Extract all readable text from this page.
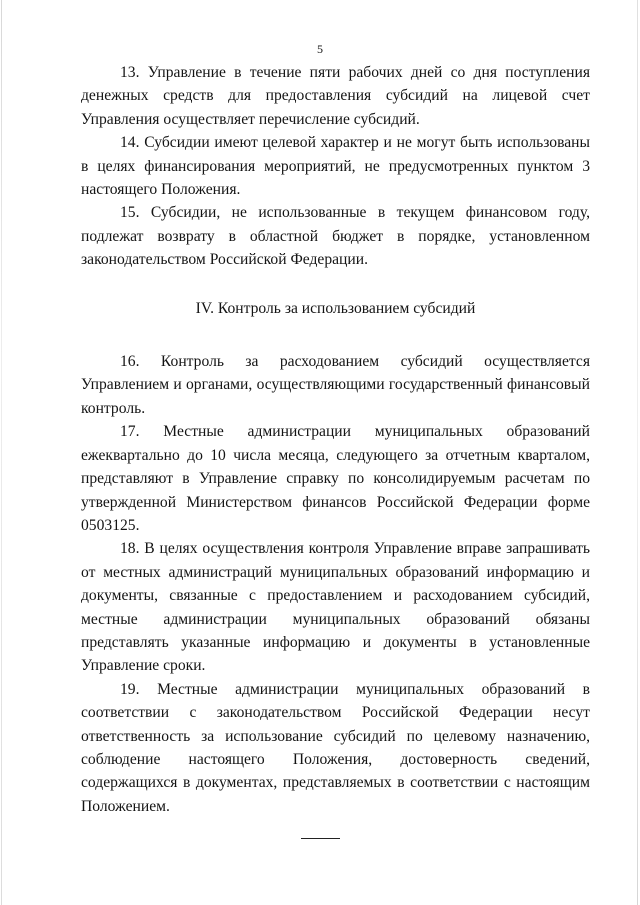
5

13. Управление в течение пяти рабочих дней со дня поступления денежных средств для предоставления субсидий на лицевой счет Управления осуществляет перечисление субсидий.

14. Субсидии имеют целевой характер и не могут быть использованы в целях финансирования мероприятий, не предусмотренных пунктом 3 настоящего Положения.

15. Субсидии, не использованные в текущем финансовом году, подлежат возврату в областной бюджет в порядке, установленном законодательством Российской Федерации.

IV. Контроль за использованием субсидий

16. Контроль за расходованием субсидий осуществляется Управлением и органами, осуществляющими государственный финансовый контроль.

17. Местные администрации муниципальных образований ежеквартально до 10 числа месяца, следующего за отчетным кварталом, представляют в Управление справку по консолидируемым расчетам по утвержденной Министерством финансов Российской Федерации форме 0503125.

18. В целях осуществления контроля Управление вправе запрашивать от местных администраций муниципальных образований информацию и документы, связанные с предоставлением и расходованием субсидий, местные администрации муниципальных образований обязаны представлять указанные информацию и документы в установленные Управление сроки.

19. Местные администрации муниципальных образований в соответствии с законодательством Российской Федерации несут ответственность за использование субсидий по целевому назначению, соблюдение настоящего Положения, достоверность сведений, содержащихся в документах, представляемых в соответствии с настоящим Положением.
